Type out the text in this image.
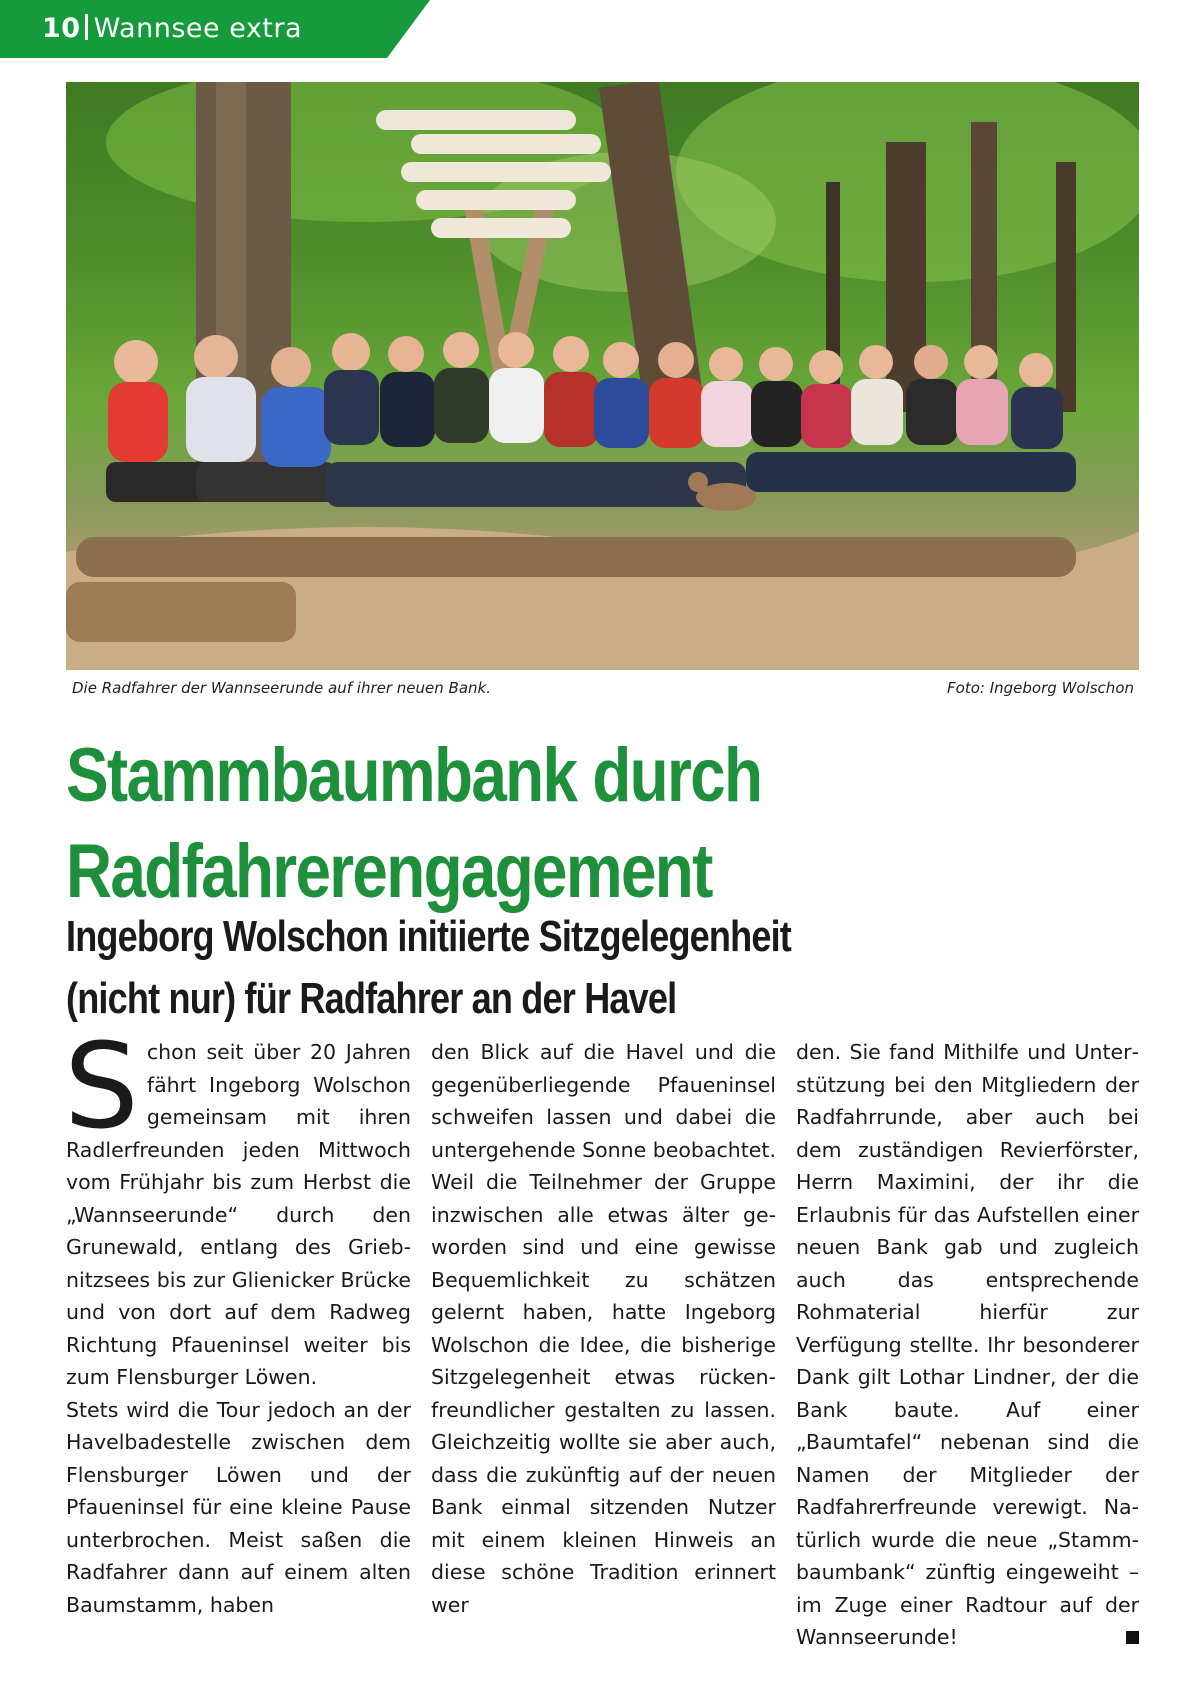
10 Wannsee extra
Die Radfahrer der Wannseerunde auf ihrer neuen Bank.	Foto: Ingeborg Wolschon
Stammbaumbank durch
Radfahrerengagement
Ingeborg Wolschon initiierte Sitzgelegenheit
(nicht nur) für Radfahrer an der Havel
S chon seit über 20 Jahren fährt Ingeborg Wolschon gemeinsam mit ihren Radlerfreunden jeden Mittwoch vom Frühjahr bis zum Herbst die „Wannseerunde“ durch den Grunewald, entlang des Griebnitzsees bis zur Glienicker Brücke und von dort auf dem Radweg Richtung Pfaueninsel weiter bis zum Flensburger Löwen.

Stets wird die Tour jedoch an der Havelbadestelle zwischen dem Flensburger Löwen und der Pfaueninsel für eine kleine Pause unterbrochen. Meist saßen die Radfahrer dann auf einem alten Baumstamm, haben

den Blick auf die Havel und die gegenüberliegende Pfaueninsel schweifen lassen und dabei die untergehende Sonne beobachtet.

Weil die Teilnehmer der Gruppe inzwischen alle etwas älter geworden sind und eine gewisse Bequemlichkeit zu schätzen gelernt haben, hatte Ingeborg Wolschon die Idee, die bisherige Sitzgelegenheit etwas rückenfreundlicher gestalten zu lassen. Gleichzeitig wollte sie aber auch, dass die zukünftig auf der neuen Bank einmal sitzenden Nutzer mit einem kleinen Hinweis an diese schöne Tradition erinnert wer

den. Sie fand Mithilfe und Unterstützung bei den Mitgliedern der Radfahrrunde, aber auch bei dem zuständigen Revierförster, Herrn Maximini, der ihr die Erlaubnis für das Aufstellen einer neuen Bank gab und zugleich auch das entsprechende Rohmaterial hierfür zur Verfügung stellte. Ihr besonderer Dank gilt Lothar Lindner, der die Bank baute. Auf einer „Baumtafel“ nebenan sind die Namen der Mitglieder der Radfahrerfreunde verewigt. Natürlich wurde die neue „Stammbaumbank“ zünftig eingeweiht – im Zuge einer Radtour auf der Wannseerunde!
